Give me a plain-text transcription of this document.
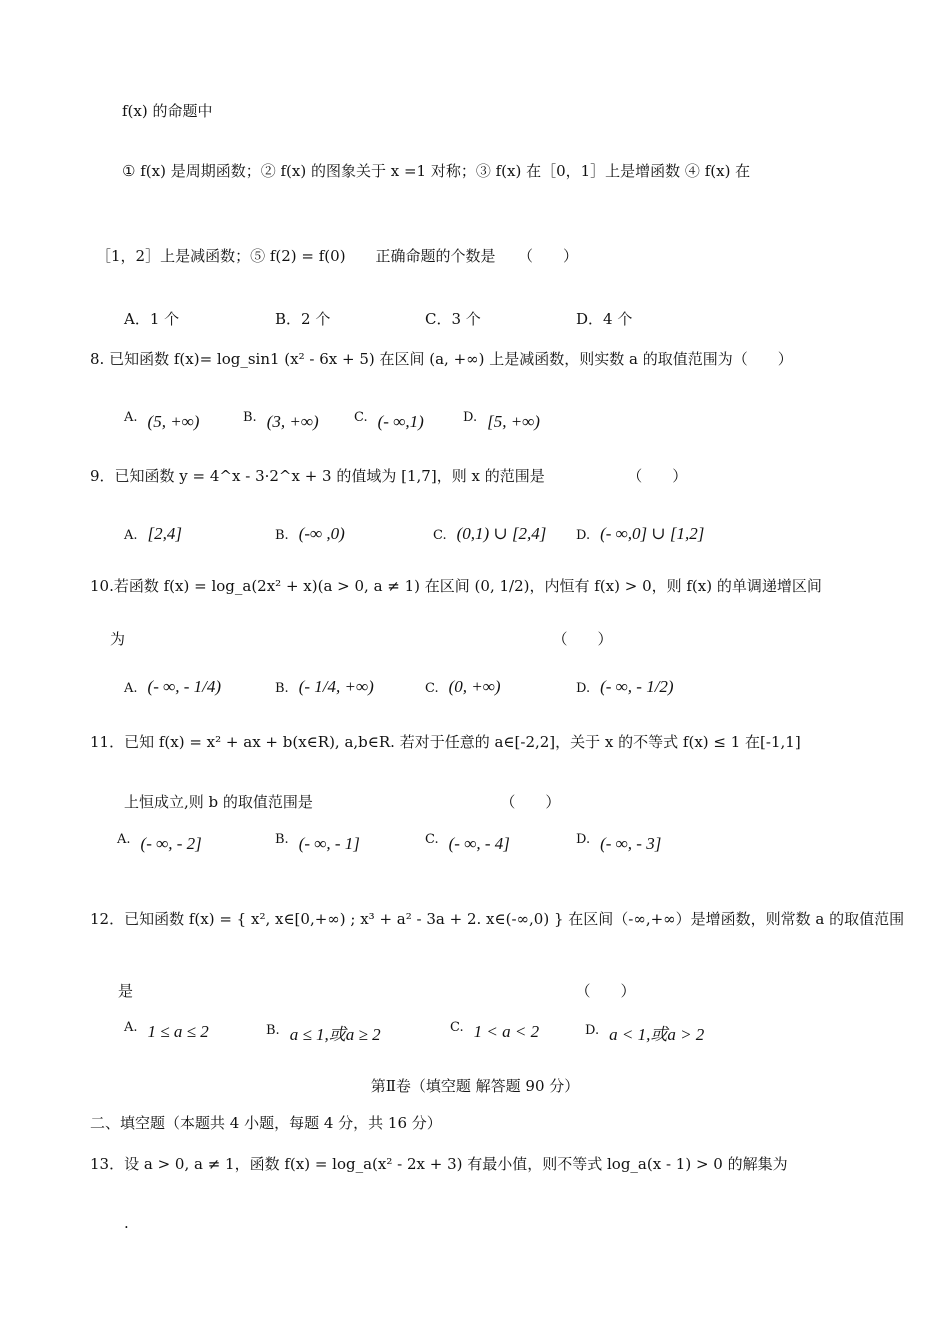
f(x) 的命题中
① f(x) 是周期函数；② f(x) 的图象关于 x =1 对称；③ f(x) 在［0，1］上是增函数 ④ f(x) 在
［1，2］上是减函数；⑤ f(2) = f(0)　　正确命题的个数是　　（　　）
A．1 个	B．2 个	C．3 个	D．4 个
8. 已知函数 f(x)= log_sin1 (x² - 6x + 5) 在区间 (a, +∞) 上是减函数，则实数 a 的取值范围为（　　）
A. (5, +∞)	B. (3, +∞)	C. (- ∞,1)	D. [5, +∞)
9．已知函数 y = 4^x - 3·2^x + 3 的值域为 [1,7]，则 x 的范围是　　　　　　（　　）
A. [2,4]	B. (-∞ ,0)	C. (0,1) ∪ [2,4] D. (- ∞,0] ∪ [1,2]
10.若函数 f(x) = log_a(2x² + x)(a > 0, a ≠ 1) 在区间 (0, 1/2)，内恒有 f(x) > 0，则 f(x) 的单调递增区间
为　　　　　　　　　　　　　　　　　　　　　　　　　　　　　（　　）
A. (- ∞, - 1/4)	B. (- 1/4, +∞)	C. (0, +∞)	D. (- ∞, - 1/2)
11．已知 f(x) = x² + ax + b(x∈R), a,b∈R. 若对于任意的 a∈[-2,2]，关于 x 的不等式 f(x) ≤ 1 在[-1,1]
上恒成立,则 b 的取值范围是　　　　　　　　　　　　　（　　）
A. (- ∞, - 2]	B. (- ∞, - 1]	C. (- ∞, - 4]	D. (- ∞, - 3]
12．已知函数 f(x) = { x², x∈[0,+∞) ; x³ + a² - 3a + 2. x∈(-∞,0) } 在区间（-∞,+∞）是增函数，则常数 a 的取值范围
是　　　　　　　　　　　　　　　　　　　　　　　　　　　　　　（　　）
A. 1 ≤ a ≤ 2	B. a ≤ 1,或a ≥ 2	C. 1 < a < 2	D. a < 1,或a > 2
第Ⅱ卷（填空题 解答题 90 分）
二、填空题（本题共 4 小题，每题 4 分，共 16 分）
13．设 a > 0, a ≠ 1，函数 f(x) = log_a(x² - 2x + 3) 有最小值，则不等式 log_a(x - 1) > 0 的解集为
.
